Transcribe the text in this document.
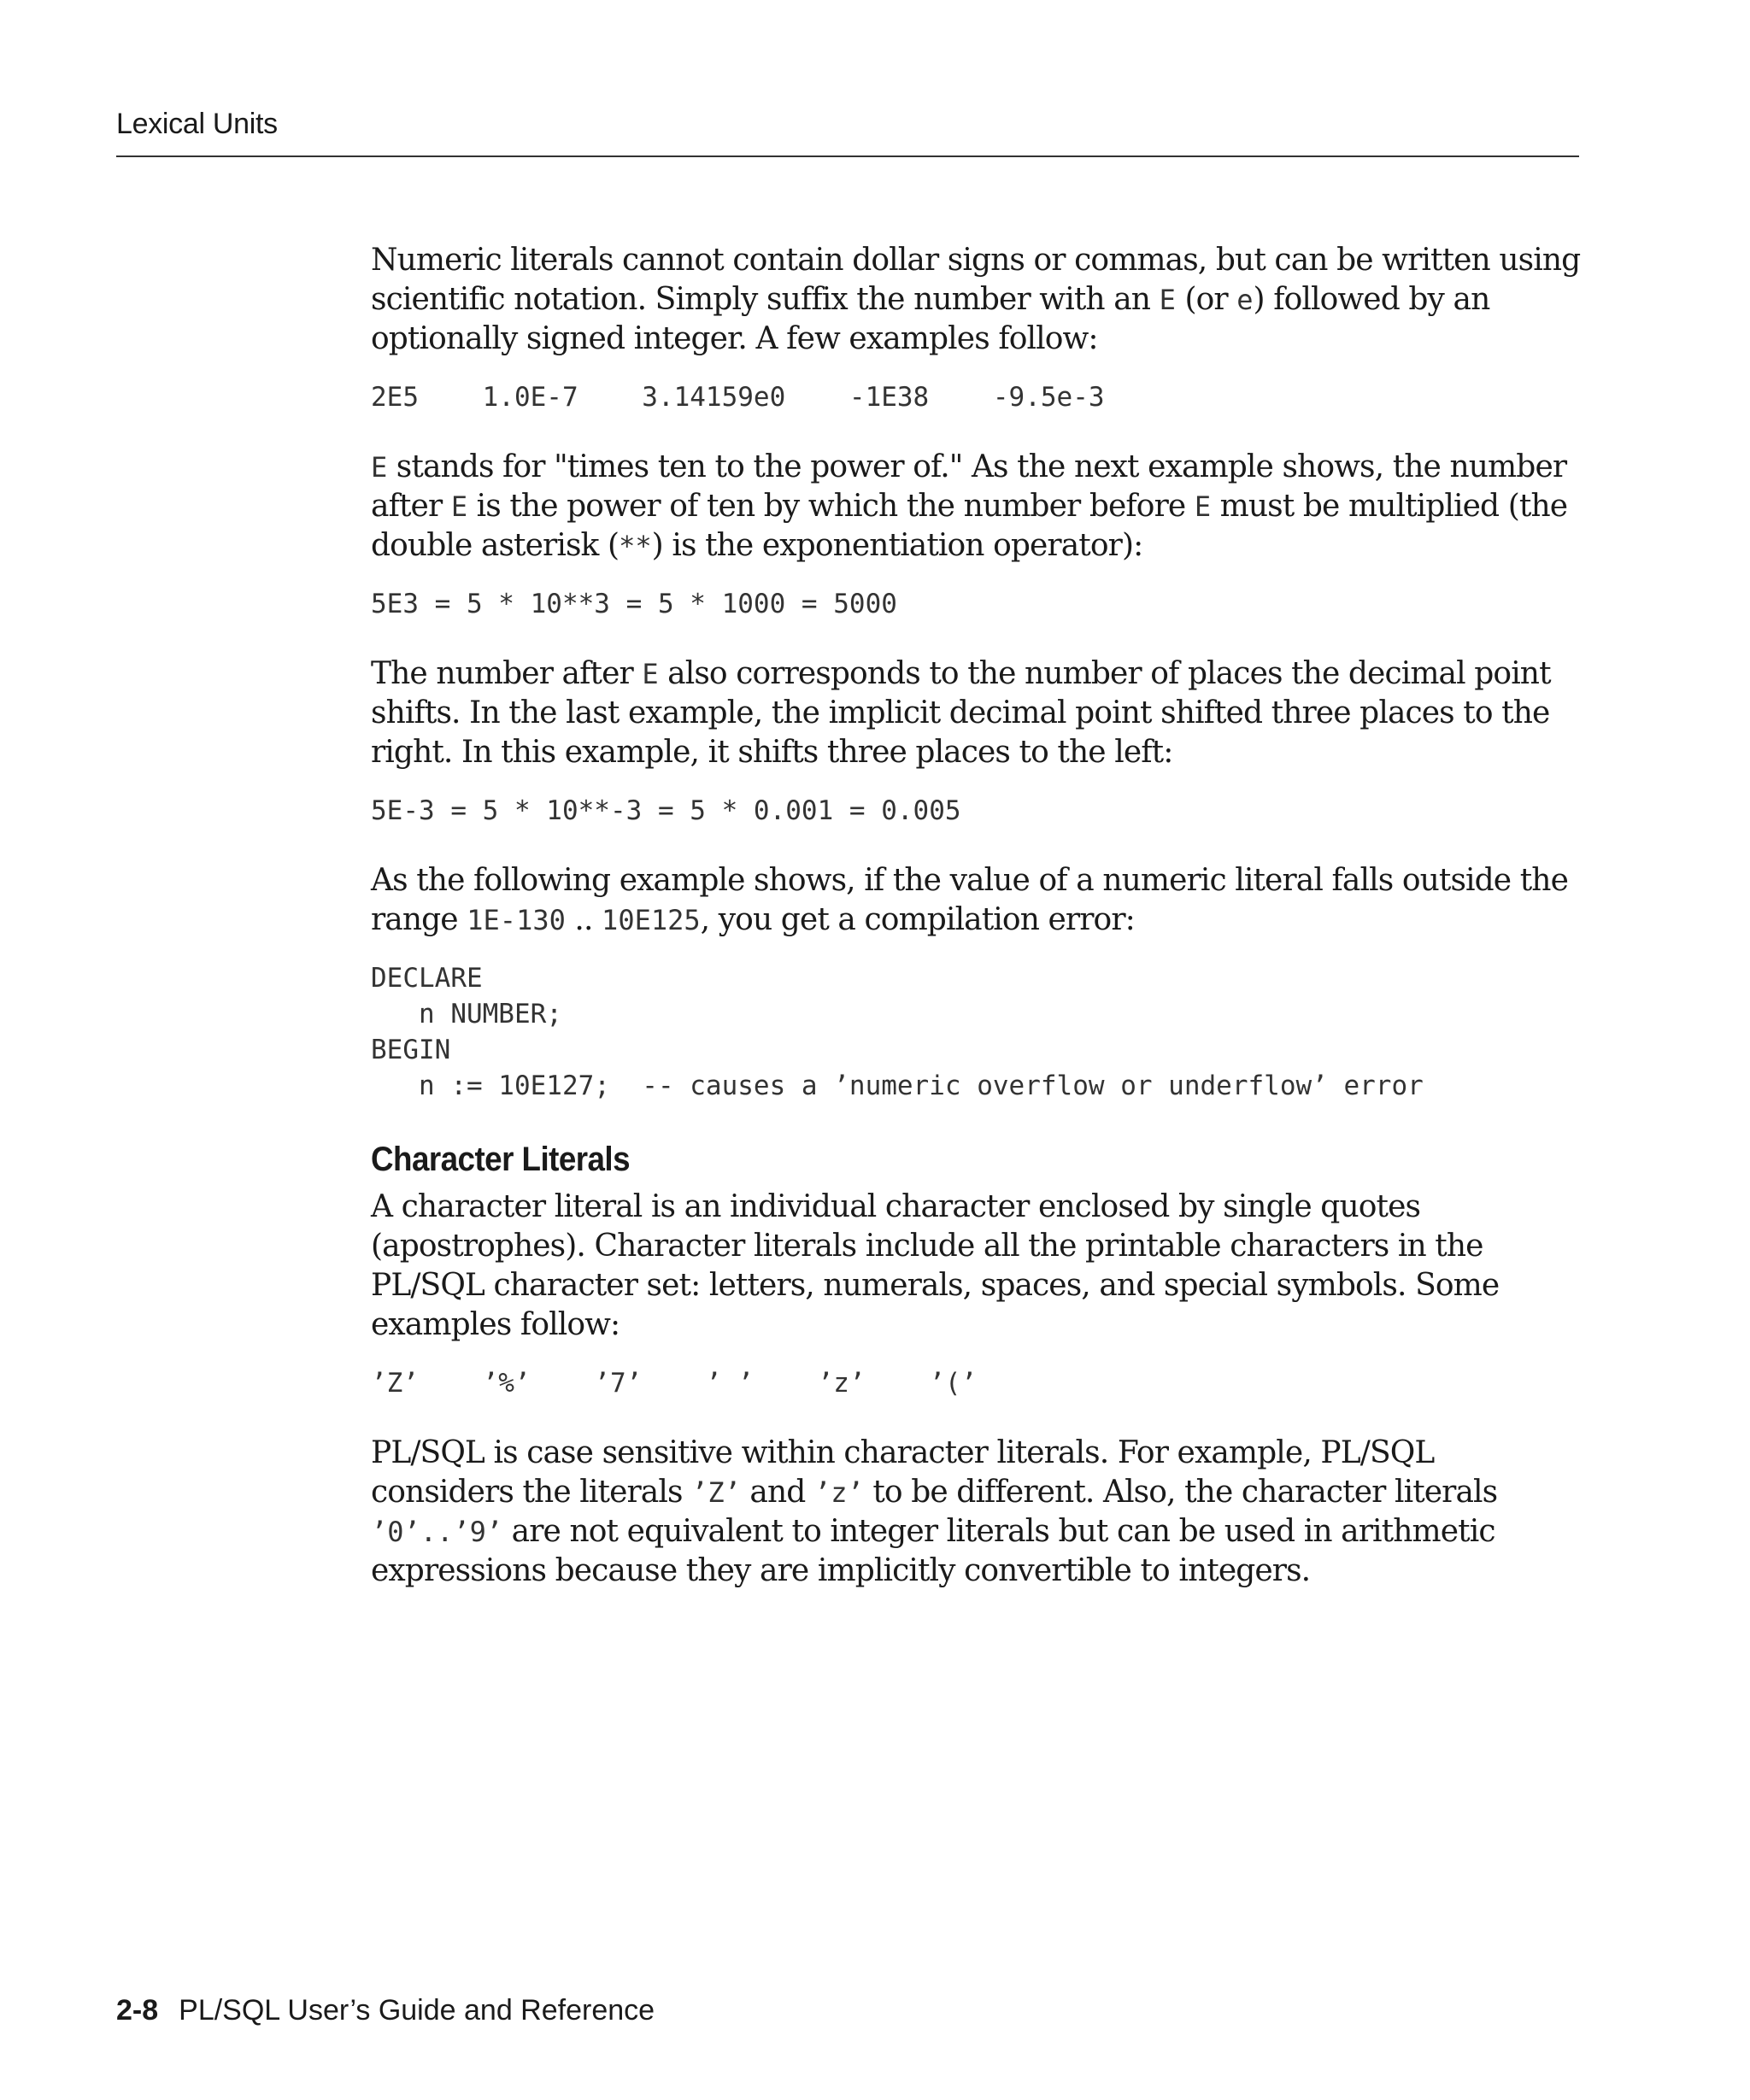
Lexical Units

Numeric literals cannot contain dollar signs or commas, but can be written using scientific notation. Simply suffix the number with an E (or e) followed by an optionally signed integer. A few examples follow:

2E5    1.0E-7    3.14159e0    -1E38    -9.5e-3

E stands for "times ten to the power of." As the next example shows, the number after E is the power of ten by which the number before E must be multiplied (the double asterisk (**) is the exponentiation operator):

5E3 = 5 * 10**3 = 5 * 1000 = 5000

The number after E also corresponds to the number of places the decimal point shifts. In the last example, the implicit decimal point shifted three places to the right. In this example, it shifts three places to the left:

5E-3 = 5 * 10**-3 = 5 * 0.001 = 0.005

As the following example shows, if the value of a numeric literal falls outside the range 1E-130 .. 10E125, you get a compilation error:

DECLARE
n NUMBER;
BEGIN
n := 10E127;  -- causes a ’numeric overflow or underflow’ error
Character Literals

A character literal is an individual character enclosed by single quotes (apostrophes). Character literals include all the printable characters in the PL/SQL character set: letters, numerals, spaces, and special symbols. Some examples follow:

’Z’    ’%’    ’7’    ’ ’    ’z’    ’(’

PL/SQL is case sensitive within character literals. For example, PL/SQL considers the literals ’Z’ and ’z’ to be different. Also, the character literals ’0’..’9’ are not equivalent to integer literals but can be used in arithmetic expressions because they are implicitly convertible to integers.

2-8 PL/SQL User’s Guide and Reference
